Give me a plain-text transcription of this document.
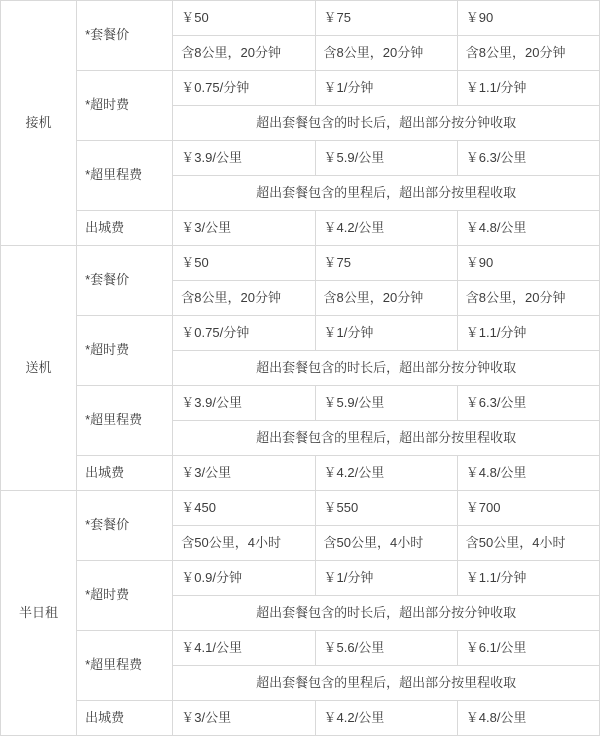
接机	*套餐价	￥50	￥75	￥90
		含8公里，20分钟	含8公里，20分钟	含8公里，20分钟
	*超时费	￥0.75/分钟	￥1/分钟	￥1.1/分钟
		超出套餐包含的时长后，超出部分按分钟收取		
	*超里程费	￥3.9/公里	￥5.9/公里	￥6.3/公里
		超出套餐包含的里程后，超出部分按里程收取		
	出城费	￥3/公里	￥4.2/公里	￥4.8/公里
送机	*套餐价	￥50	￥75	￥90
		含8公里，20分钟	含8公里，20分钟	含8公里，20分钟
	*超时费	￥0.75/分钟	￥1/分钟	￥1.1/分钟
		超出套餐包含的时长后，超出部分按分钟收取		
	*超里程费	￥3.9/公里	￥5.9/公里	￥6.3/公里
		超出套餐包含的里程后，超出部分按里程收取		
	出城费	￥3/公里	￥4.2/公里	￥4.8/公里
半日租	*套餐价	￥450	￥550	￥700
		含50公里，4小时	含50公里，4小时	含50公里，4小时
	*超时费	￥0.9/分钟	￥1/分钟	￥1.1/分钟
		超出套餐包含的时长后，超出部分按分钟收取		
	*超里程费	￥4.1/公里	￥5.6/公里	￥6.1/公里
		超出套餐包含的里程后，超出部分按里程收取		
	出城费	￥3/公里	￥4.2/公里	￥4.8/公里
